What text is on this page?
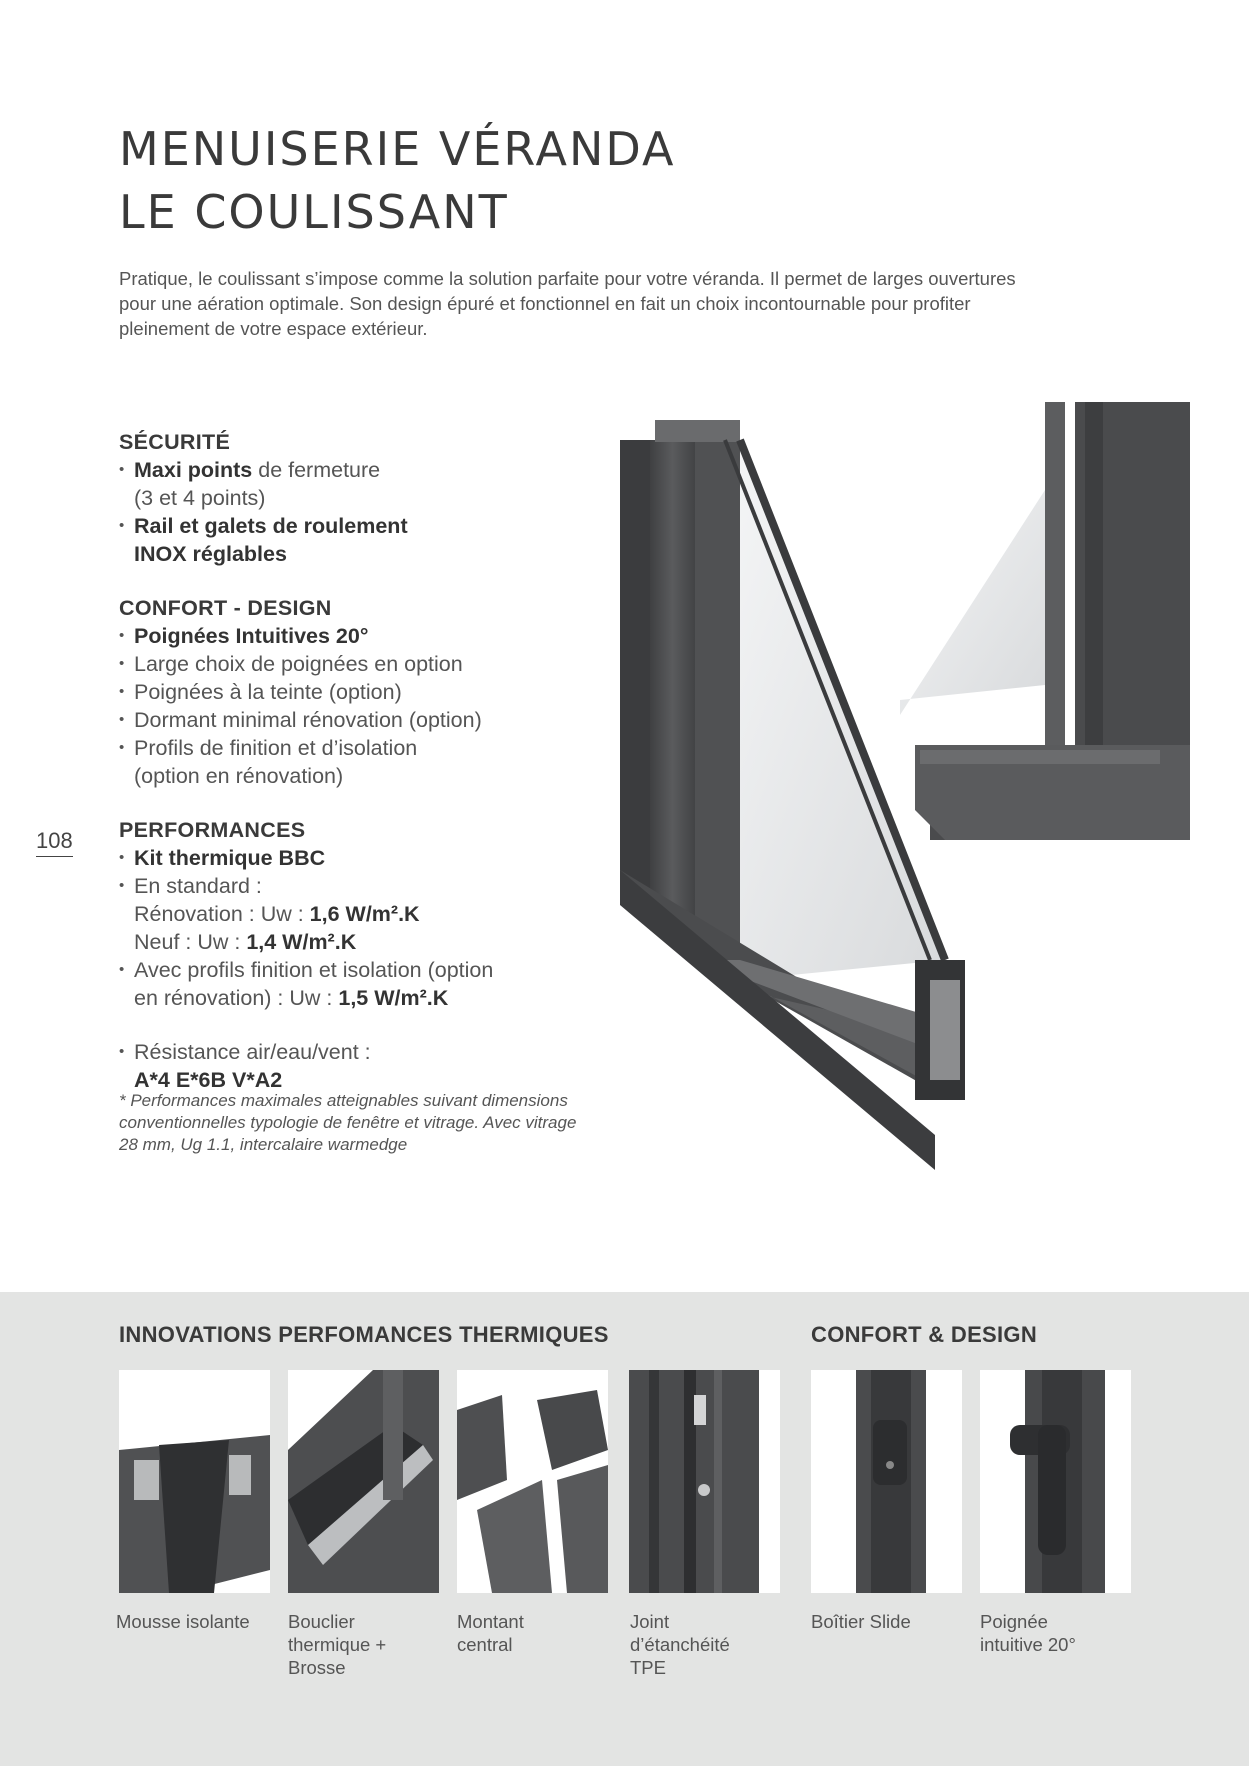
MENUISERIE VÉRANDA
LE COULISSANT

Pratique, le coulissant s’impose comme la solution parfaite pour votre véranda. Il permet de larges ouvertures pour une aération optimale. Son design épuré et fonctionnel en fait un choix incontournable pour profiter pleinement de votre espace extérieur.

SÉCURITÉ
• Maxi points de fermeture
(3 et 4 points)
• Rail et galets de roulement
INOX réglables
CONFORT - DESIGN
• Poignées Intuitives 20°
• Large choix de poignées en option
• Poignées à la teinte (option)
• Dormant minimal rénovation (option)
• Profils de finition et d’isolation
(option en rénovation)
PERFORMANCES
• Kit thermique BBC
• En standard :
Rénovation : Uw : 1,6 W/m².K
Neuf : Uw : 1,4 W/m².K
• Avec profils finition et isolation (option
en rénovation) : Uw : 1,5 W/m².K
• Résistance air/eau/vent :
A*4 E*6B V*A2
* Performances maximales atteignables suivant dimensions conventionnelles typologie de fenêtre et vitrage. Avec vitrage 28 mm, Ug 1.1, intercalaire warmedge
108
INNOVATIONS PERFOMANCES THERMIQUES	CONFORT & DESIGN
Mousse isolante	Bouclier
thermique +
Brosse
Montant
central
Joint
d’étanchéité
TPE
Boîtier Slide	Poignée
intuitive 20°
